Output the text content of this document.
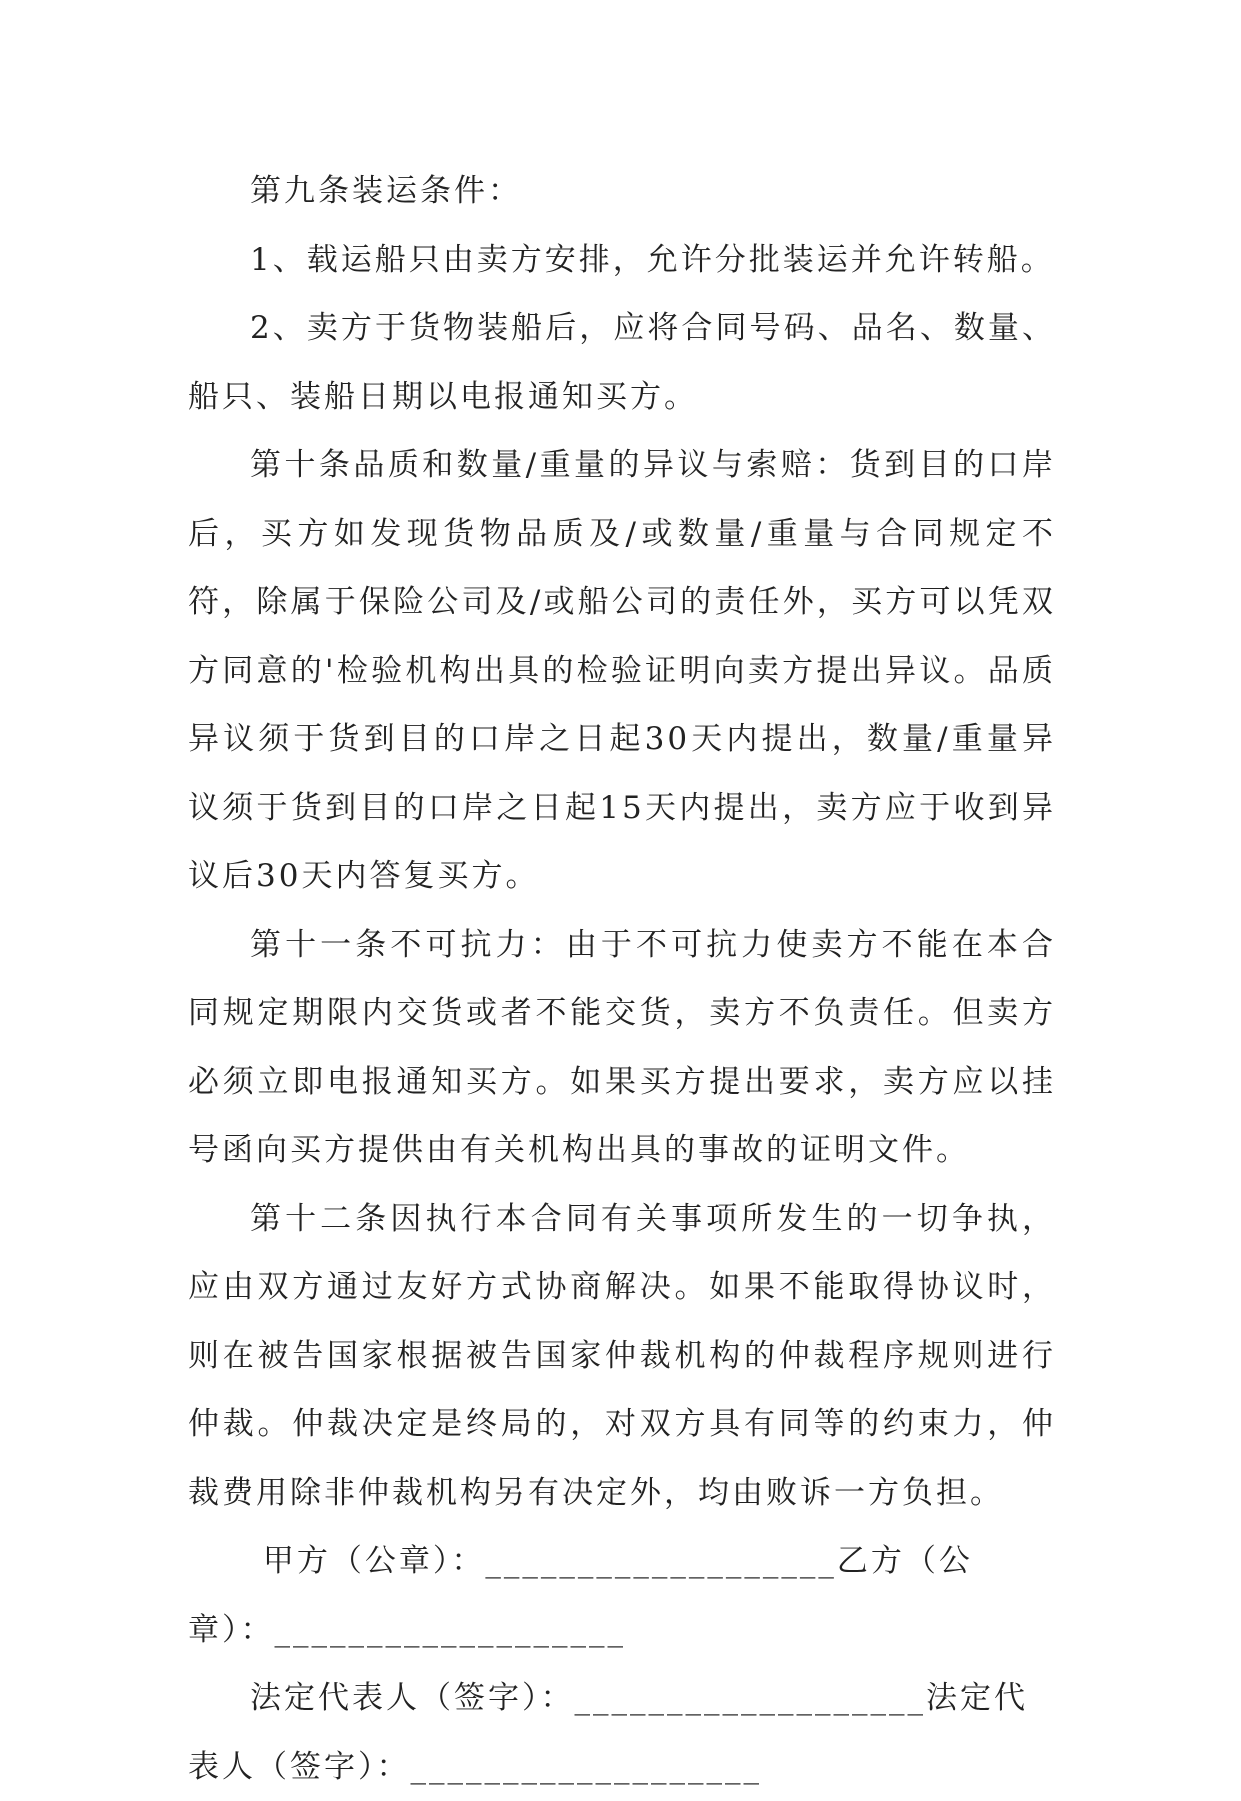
第九条装运条件：

1、载运船只由卖方安排，允许分批装运并允许转船。

2、卖方于货物装船后，应将合同号码、品名、数量、船只、装船日期以电报通知买方。

第十条品质和数量/重量的异议与索赔：货到目的口岸后，买方如发现货物品质及/或数量/重量与合同规定不符，除属于保险公司及/或船公司的责任外，买方可以凭双方同意的'检验机构出具的检验证明向卖方提出异议。品质异议须于货到目的口岸之日起30天内提出，数量/重量异议须于货到目的口岸之日起15天内提出，卖方应于收到异议后30天内答复买方。

第十一条不可抗力：由于不可抗力使卖方不能在本合同规定期限内交货或者不能交货，卖方不负责任。但卖方必须立即电报通知买方。如果买方提出要求，卖方应以挂号函向买方提供由有关机构出具的事故的证明文件。

第十二条因执行本合同有关事项所发生的一切争执，应由双方通过友好方式协商解决。如果不能取得协议时，则在被告国家根据被告国家仲裁机构的仲裁程序规则进行仲裁。仲裁决定是终局的，对双方具有同等的约束力，仲裁费用除非仲裁机构另有决定外，均由败诉一方负担。

甲方（公章）：___________________乙方（公章）：___________________

法定代表人（签字）：___________________法定代表人（签字）：___________________
